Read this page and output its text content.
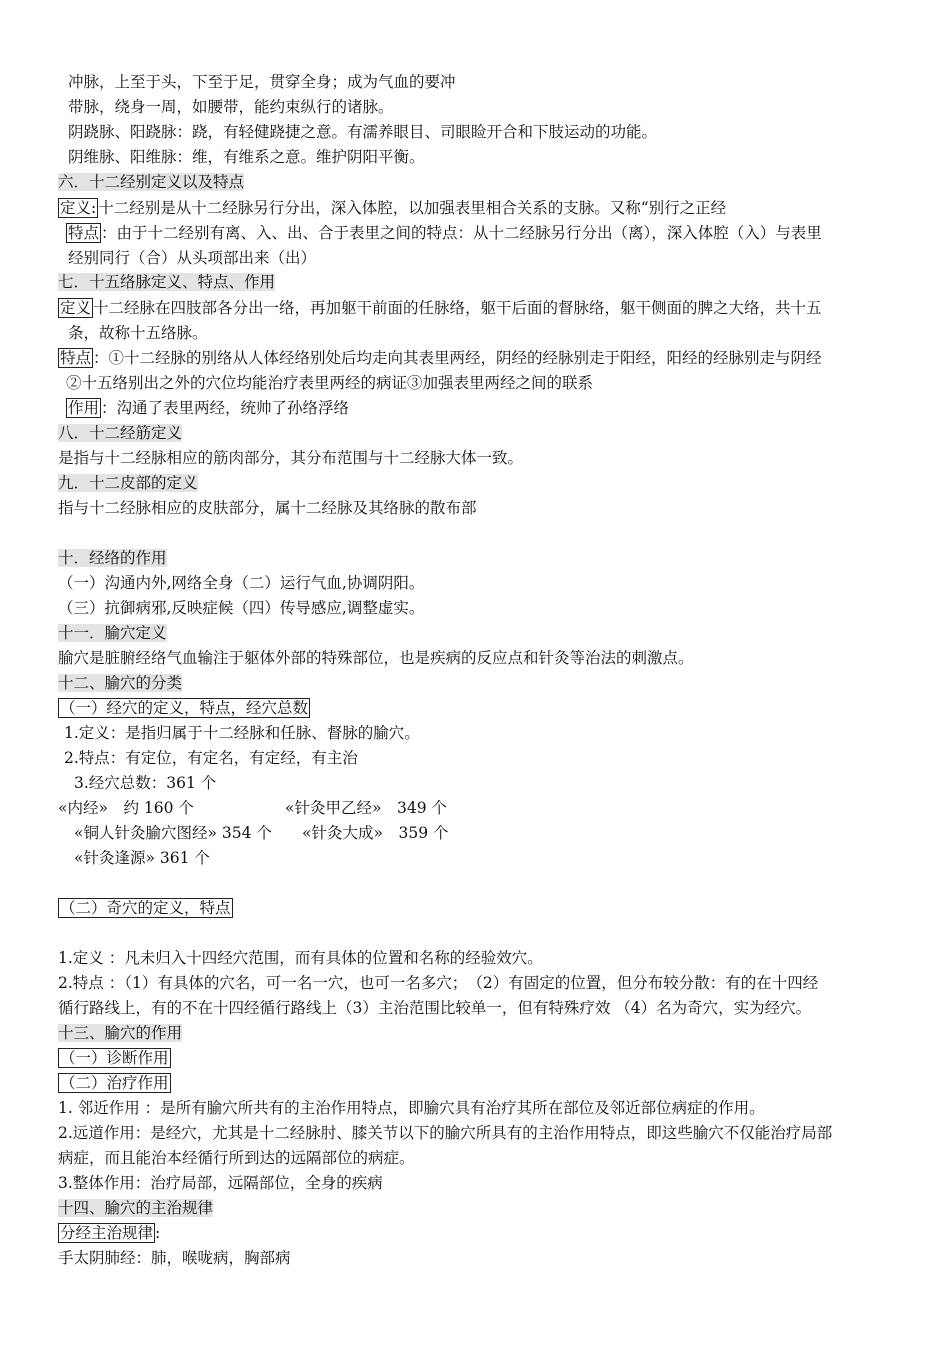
冲脉，上至于头，下至于足，贯穿全身；成为气血的要冲
带脉，绕身一周，如腰带，能约束纵行的诸脉。
阴跷脉、阳跷脉：跷，有轻健跷捷之意。有濡养眼目、司眼睑开合和下肢运动的功能。
阴维脉、阳维脉：维，有维系之意。维护阴阳平衡。
六．十二经别定义以及特点
定义: 十二经别是从十二经脉另行分出，深入体腔，以加强表里相合关系的支脉。又称“别行之正经
特点 ：由于十二经别有离、入、出、合于表里之间的特点：从十二经脉另行分出（离），深入体腔（入）与表里
经别同行（合）从头项部出来（出）
七．十五络脉定义、特点、作用
定义 十二经脉在四肢部各分出一络，再加躯干前面的任脉络，躯干后面的督脉络，躯干侧面的脾之大络，共十五
条，故称十五络脉。
特点 ：①十二经脉的别络从人体经络别处后均走向其表里两经，阴经的经脉别走于阳经，阳经的经脉别走与阴经
②十五络别出之外的穴位均能治疗表里两经的病证③加强表里两经之间的联系
作用 ：沟通了表里两经，统帅了孙络浮络
八．十二经筋定义
是指与十二经脉相应的筋肉部分，其分布范围与十二经脉大体一致。
九．十二皮部的定义
指与十二经脉相应的皮肤部分，属十二经脉及其络脉的散布部
十．经络的作用
（一）沟通内外,网络全身（二）运行气血,协调阴阳。
（三）抗御病邪,反映症候（四）传导感应,调整虚实。
十一．腧穴定义
腧穴是脏腑经络气血输注于躯体外部的特殊部位，也是疾病的反应点和针灸等治法的刺激点。
十二、腧穴的分类
（一）经穴的定义，特点，经穴总数
1.定义：是指归属于十二经脉和任脉、督脉的腧穴。
2.特点：有定位，有定名，有定经，有主治
3.经穴总数：361 个
«内经»　约 160 个	«针灸甲乙经»　349 个
«铜人针灸腧穴图经» 354 个 «针灸大成»　359 个
«针灸逢源» 361 个
（二）奇穴的定义，特点
1.定义 ：凡未归入十四经穴范围，而有具体的位置和名称的经验效穴。
2.特点 ：（1）有具体的穴名，可一名一穴，也可一名多穴；　（2）有固定的位置，但分布较分散：有的在十四经
循行路线上，有的不在十四经循行路线上（3）主治范围比较单一，但有特殊疗效 （4）名为奇穴，实为经穴。
十三、腧穴的作用
（一）诊断作用
（二）治疗作用
1. 邻近作用 ：是所有腧穴所共有的主治作用特点，即腧穴具有治疗其所在部位及邻近部位病症的作用。
2.远道作用：是经穴，尤其是十二经脉肘、膝关节以下的腧穴所具有的主治作用特点，即这些腧穴不仅能治疗局部
病症，而且能治本经循行所到达的远隔部位的病症。
3.整体作用：治疗局部，远隔部位，全身的疾病
十四、腧穴的主治规律
分经主治规律 :
手太阴肺经：肺，喉咙病，胸部病
